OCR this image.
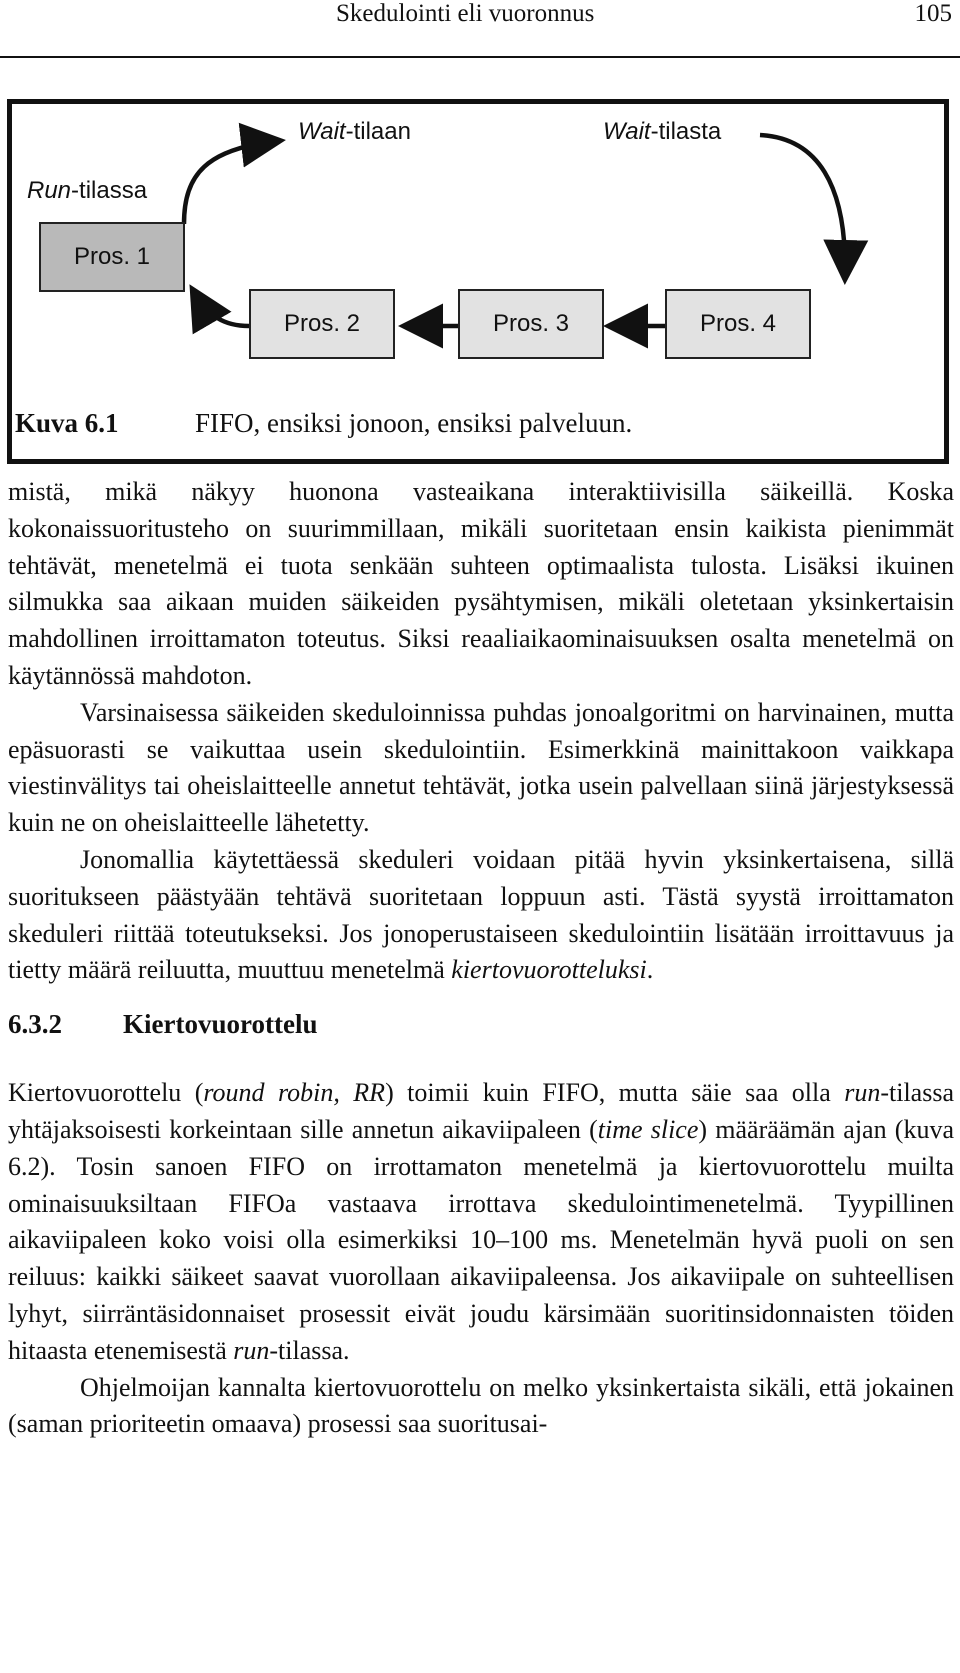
Skedulointi eli vuoronnus	105
Run-tilassa
Wait-tilaan	Wait-tilasta
Pros. 1
Pros. 2	Pros. 3	Pros. 4
Kuva 6.1	FIFO, ensiksi jonoon, ensiksi palveluun.

mistä, mikä näkyy huonona vasteaikana interaktiivisilla säikeillä. Koska kokonaissuoritusteho on suurimmillaan, mikäli suoritetaan ensin kaikista pienimmät tehtävät, menetelmä ei tuota senkään suhteen optimaalista tulosta. Lisäksi ikuinen silmukka saa aikaan muiden säikeiden pysähtymisen, mikäli oletetaan yksinkertaisin mahdollinen irroittamaton toteutus. Siksi reaaliaikaominaisuuksen osalta menetelmä on käytännössä mahdoton.

Varsinaisessa säikeiden skeduloinnissa puhdas jonoalgoritmi on harvinainen, mutta epäsuorasti se vaikuttaa usein skedulointiin. Esimerkkinä mainittakoon vaikkapa viestinvälitys tai oheislaitteelle annetut tehtävät, jotka usein palvellaan siinä järjestyksessä kuin ne on oheislaitteelle lähetetty.

Jonomallia käytettäessä skeduleri voidaan pitää hyvin yksinkertaisena, sillä suoritukseen päästyään tehtävä suoritetaan loppuun asti. Tästä syystä irroittamaton skeduleri riittää toteutukseksi. Jos jonoperustaiseen skedulointiin lisätään irroittavuus ja tietty määrä reiluutta, muuttuu menetelmä kiertovuorotteluksi.

6.3.2 Kiertovuorottelu

Kiertovuorottelu (round robin, RR) toimii kuin FIFO, mutta säie saa olla run-tilassa yhtäjaksoisesti korkeintaan sille annetun aikaviipaleen (time slice) määräämän ajan (kuva 6.2). Tosin sanoen FIFO on irrottamaton menetelmä ja kiertovuorottelu muilta ominaisuuksiltaan FIFOa vastaava irrottava skedulointimenetelmä. Tyypillinen aikaviipaleen koko voisi olla esimerkiksi 10–100 ms. Menetelmän hyvä puoli on sen reiluus: kaikki säikeet saavat vuorollaan aikaviipaleensa. Jos aikaviipale on suhteellisen lyhyt, siirräntäsidonnaiset prosessit eivät joudu kärsimään suoritinsidonnaisten töiden hitaasta etenemisestä run-tilassa.

Ohjelmoijan kannalta kiertovuorottelu on melko yksinkertaista sikäli, että jokainen (saman prioriteetin omaava) prosessi saa suoritusai-
